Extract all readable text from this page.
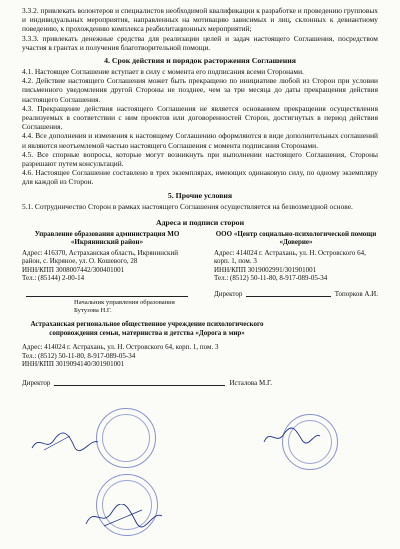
3.3.2. привлекать волонтеров и специалистов необходимой квалификации к разработке и проведению групповых и индивидуальных мероприятия, направленных на мотивацию зависимых и лиц, склонных к девиантному поведению, к прохождению комплекса реабилитационных мероприятий;

3.3.3. привлекать денежные средства для реализации целей и задач настоящего Соглашения, посредством участия в грантах и получения благотворительной помощи.

4. Срок действия и порядок расторжения Соглашения

4.1. Настоящее Соглашение вступает в силу с момента его подписания всеми Сторонами.

4.2. Действие настоящего Соглашения может быть прекращено по инициативе любой из Сторон при условии письменного уведомления другой Стороны не позднее, чем за три месяца до даты прекращения действия настоящего Соглашения.

4.3. Прекращение действия настоящего Соглашения не является основанием прекращения осуществления реализуемых в соответствии с ним проектов или договоренностей Сторон, достигнутых в период действия Соглашения.

4.4. Все дополнения и изменения к настоящему Соглашению оформляются в виде дополнительных соглашений и являются неотъемлемой частью настоящего Соглашения с момента подписания Сторонами.

4.5. Все спорные вопросы, которые могут возникнуть при выполнении настоящего Соглашения, Стороны разрешают путем консультаций.

4.6. Настоящее Соглашение составлено в трех экземплярах, имеющих одинаковую силу, по одному экземпляру для каждой из Сторон.

5. Прочие условия

5.1. Сотрудничество Сторон в рамках настоящего Соглашения осуществляется на безвозмездной основе.

Адреса и подписи сторон
Управление образования администрация МО «Икрянинский район»

Адрес: 416370, Астраханская область, Икрянинский район, с. Икряное, ул. О. Кошевого, 28

ИНН/КПП 3008007442/300401001

Тел.: (85144) 2-00-14

Начальник управления образования Бутузова Н.Г.
ООО «Центр социально-психологической помощи «Доверие»

Адрес: 414024 г. Астрахань, ул. Н. Островского 64, корп. 1, пом. 3

ИНН/КПП 3019002991/301901001

Тел.: (8512) 50-11-80, 8-917-089-05-34

Директор	Топорков А.И.
Астраханская региональное общественное учреждение психологического сопровождения семьи, материнства и детства «Дорога в мир»

Адрес: 414024 г. Астрахань, ул. Н. Островского 64, корп. 1, пом. 3

Тел.: (8512) 50-11-80, 8-917-089-05-34

ИНН/КПП 3019094140/301901001

Директор	Исталова М.Г.
